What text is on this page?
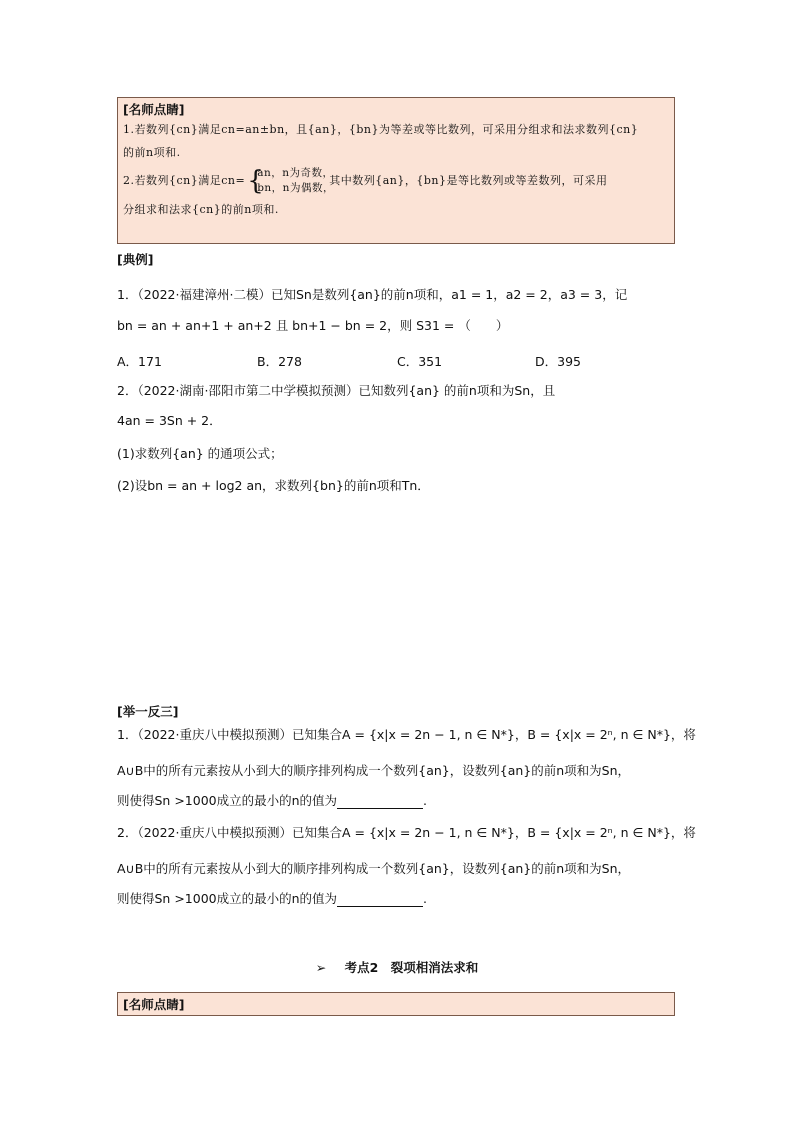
[名师点睛]
1.若数列{cn}满足cn=an±bn，且{an}，{bn}为等差或等比数列，可采用分组求和法求数列{cn}
的前n项和.
2.若数列{cn}满足cn= {
an，n为奇数，
bn，n为偶数，
其中数列{an}，{bn}是等比数列或等差数列，可采用
分组求和法求{cn}的前n项和.
[典例]
1．（2022·福建漳州·二模）已知Sn是数列{an}的前n项和，a1 = 1，a2 = 2，a3 = 3，记
bn = an + an+1 + an+2 且 bn+1 − bn = 2，则 S31 = （　　）
A．171	B．278	C．351	D．395
2．（2022·湖南·邵阳市第二中学模拟预测）已知数列{an} 的前n项和为Sn，且
4an = 3Sn + 2．
(1)求数列{an} 的通项公式；
(2)设bn = an + log2 an，求数列{bn}的前n项和Tn．
[举一反三]
1．（2022·重庆八中模拟预测）已知集合A = {x|x = 2n − 1, n ∈ N*}，B = {x|x = 2ⁿ, n ∈ N*}，将
A∪B中的所有元素按从小到大的顺序排列构成一个数列{an}，设数列{an}的前n项和为Sn，
则使得Sn >1000成立的最小的n的值为	.
2．（2022·重庆八中模拟预测）已知集合A = {x|x = 2n − 1, n ∈ N*}，B = {x|x = 2ⁿ, n ∈ N*}，将
A∪B中的所有元素按从小到大的顺序排列构成一个数列{an}，设数列{an}的前n项和为Sn，
则使得Sn >1000成立的最小的n的值为	.
➢ 考点2　裂项相消法求和
[名师点睛]
